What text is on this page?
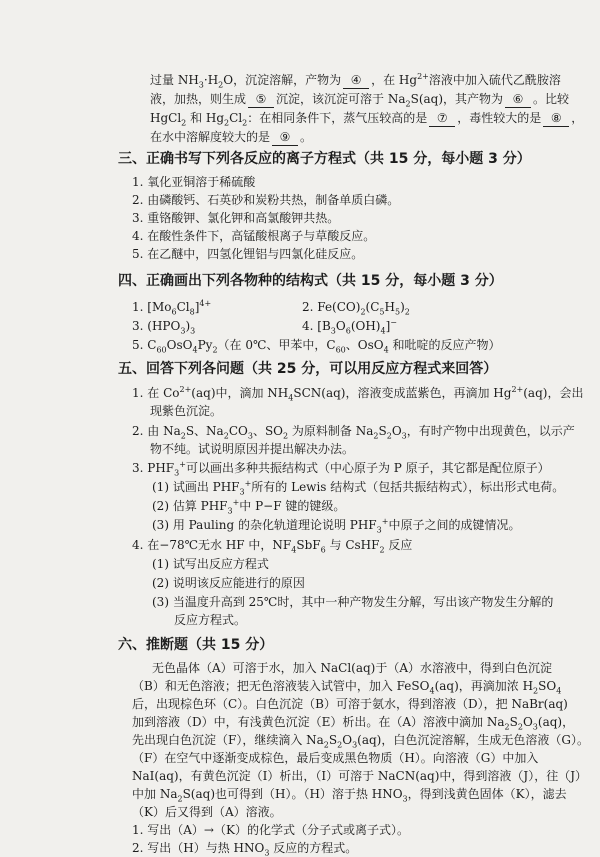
过量 $NH_3\cdot H_2O$，沉淀溶解，产物为 ④ ，在 $Hg^{2+}$溶液中加入硫代乙酰胺溶
液，加热，则生成 ⑤ 沉淀，该沉淀可溶于 $Na_2S(aq)$，其产物为 ⑥ 。比较
HgCl$_2$ 和 $Hg_2Cl_2$：在相同条件下，蒸气压较高的是 ⑦ ，毒性较大的是 ⑧ ，
在水中溶解度较大的是 ⑨ 。
三、正确书写下列各反应的离子方程式（共 15 分，每小题 3 分）
1. 氧化亚铜溶于稀硫酸
2. 由磷酸钙、石英砂和炭粉共热，制备单质白磷。
3. 重铬酸钾、氯化钾和高氯酸钾共热。
4. 在酸性条件下，高锰酸根离子与草酸反应。
5. 在乙醚中，四氢化锂铝与四氯化硅反应。
四、正确画出下列各物种的结构式（共 15 分，每小题 3 分）
1. $[Mo_6Cl_8]^{4+}$	2. $Fe(CO)_2(C_5H_5)_2$
3. $(HPO_3)_3$	4. $[B_3O_6(OH)_4]^-$
5. $C_{60}OsO_4Py_2$（在 0℃、甲苯中，$C_{60}$、OsO$_4$ 和吡啶的反应产物）
五、回答下列各问题（共 25 分，可以用反应方程式来回答）
1. 在 $Co^{2+}(aq)$中，滴加 $NH_4SCN(aq)$，溶液变成蓝紫色，再滴加 $Hg^{2+}(aq)$，会出
现紫色沉淀。
2. 由 $Na_2S$、$Na_2CO_3$、$SO_2$ 为原料制备 $Na_2S_2O_3$，有时产物中出现黄色，以示产
物不纯。试说明原因并提出解决办法。
3. $PHF_3^+$可以画出多种共振结构式（中心原子为 P 原子，其它都是配位原子）
(1) 试画出 $PHF_3^+$所有的 Lewis 结构式（包括共振结构式），标出形式电荷。
(2) 估算 $PHF_3^+$中 P−F 键的键级。
(3) 用 Pauling 的杂化轨道理论说明 $PHF_3^+$中原子之间的成键情况。
4. 在−78℃无水 HF 中，$NF_4SbF_6$ 与 CsHF$_2$ 反应
(1) 试写出反应方程式
(2) 说明该反应能进行的原因
(3) 当温度升高到 25℃时，其中一种产物发生分解，写出该产物发生分解的
反应方程式。
六、推断题（共 15 分）
无色晶体（A）可溶于水，加入 NaCl(aq)于（A）水溶液中，得到白色沉淀
（B）和无色溶液；把无色溶液装入试管中，加入 FeSO$_4$(aq)，再滴加浓 $H_2SO_4$
后，出现棕色环（C）。白色沉淀（B）可溶于氨水，得到溶液（D），把 NaBr(aq)
加到溶液（D）中，有浅黄色沉淀（E）析出。在（A）溶液中滴加 $Na_2S_2O_3(aq)$，
先出现白色沉淀（F），继续滴入 $Na_2S_2O_3(aq)$，白色沉淀溶解，生成无色溶液（G）。
（F）在空气中逐渐变成棕色，最后变成黑色物质（H）。向溶液（G）中加入
NaI(aq)，有黄色沉淀（I）析出，（I）可溶于 NaCN(aq)中，得到溶液（J），往（J）
中加 $Na_2S(aq)$也可得到（H）。（H）溶于热 $HNO_3$，得到浅黄色固体（K），滤去
（K）后又得到（A）溶液。
1. 写出（A）→（K）的化学式（分子式或离子式）。
2. 写出（H）与热 $HNO_3$ 反应的方程式。
